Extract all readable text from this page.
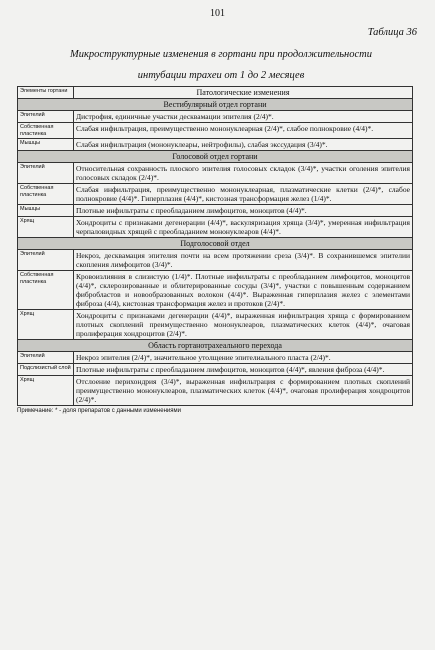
101
Таблица 36
Микроструктурные изменения в гортани при продолжительности
интубации трахеи от 1 до 2 месяцев
Элементы гортани	Патологические изменения
Вестибулярный отдел гортани	
Эпителий	Дистрофия, единичные участки десквамации эпителия (2/4)*.
Собственная пластинка	Слабая инфильтрация, преимущественно мононуклеарная (2/4)*, слабое полнокровие (4/4)*.
Мышцы	Слабая инфильтрация (мононуклеары, нейтрофилы), слабая экссудация (3/4)*.
Голосовой отдел гортани	
Эпителий	Относительная сохранность плоского эпителия голосовых складок (3/4)*, участки оголения эпителия голосовых складок (2/4)*.
Собственная пластинка	Слабая инфильтрация, преимущественно мононуклеарная, плазматические клетки (2/4)*, слабое полнокровие (4/4)*. Гиперплазия (4/4)*, кистозная трансформация желез (1/4)*.
Мышцы	Плотные инфильтраты с преобладанием лимфоцитов, моноцитов (4/4)*.
Хрящ	Хондроциты с признаками дегенерации (4/4)*, васкуляризация хряща (3/4)*, умеренная инфильтрация черпаловидных хрящей с преобладанием мононуклеаров (4/4)*.
Подголосовой отдел	
Эпителий	Некроз, десквамация эпителия почти на всем протяжении среза (3/4)*. В сохранившемся эпителии скопления лимфоцитов (3/4)*.
Собственная пластинка	Кровоизлияния в слизистую (1/4)*. Плотные инфильтраты с преобладанием лимфоцитов, моноцитов (4/4)*, склерозированные и облитерированные сосуды (3/4)*, участки с повышенным содержанием фибробластов и новообразованных волокон (4/4)*. Выраженная гиперплазия желез с элементами фиброза (4/4), кистозная трансформация желез и протоков (2/4)*.
Хрящ	Хондроциты с признаками дегенерации (4/4)*, выраженная инфильтрация хряща с формированием плотных скоплений преимущественно мононуклеаров, плазматических клеток (4/4)*, очаговая пролиферация хондроцитов (2/4)*.
Область гортанотрахеального перехода	
Эпителий	Некроз эпителия (2/4)*, значительное утолщение эпителиального пласта (2/4)*.
Подслизистый слой	Плотные инфильтраты с преобладанием лимфоцитов, моноцитов (4/4)*, явления фиброза (4/4)*.
Хрящ	Отслоение перихондрия (3/4)*, выраженная инфильтрация с формированием плотных скоплений преимущественно мононуклеаров, плазматических клеток (4/4)*, очаговая пролиферация хондроцитов (2/4)*.
Примечание: * - доля препаратов с данными изменениями
